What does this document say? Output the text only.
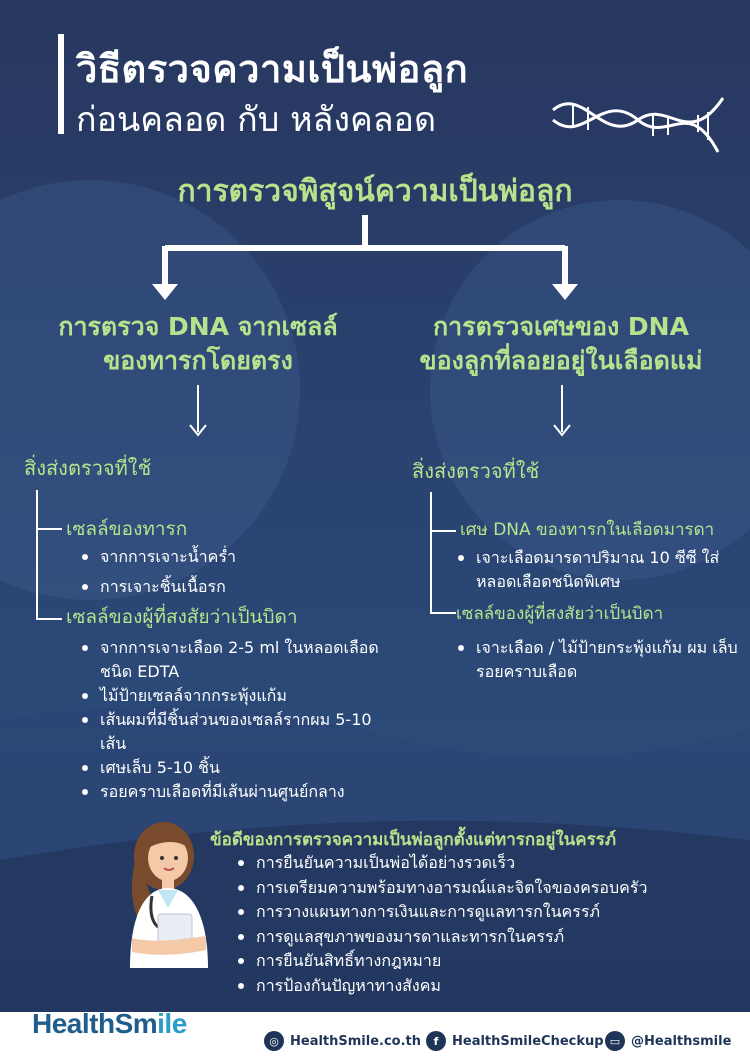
วิธีตรวจความเป็นพ่อลูก
ก่อนคลอด กับ หลังคลอด
การตรวจพิสูจน์ความเป็นพ่อลูก
การตรวจ DNA จากเซลล์
ของทารกโดยตรง
การตรวจเศษของ DNA
ของลูกที่ลอยอยู่ในเลือดแม่
สิ่งส่งตรวจที่ใช้
เซลล์ของทารก
จากการเจาะน้ำคร่ำ
การเจาะชิ้นเนื้อรก
เซลล์ของผู้ที่สงสัยว่าเป็นบิดา
จากการเจาะเลือด 2-5 ml ในหลอดเลือดชนิด EDTA
ไม้ป้ายเซลล์จากกระพุ้งแก้ม
เส้นผมที่มีชิ้นส่วนของเซลล์รากผม 5-10 เส้น
เศษเล็บ 5-10 ชิ้น
รอยคราบเลือดที่มีเส้นผ่านศูนย์กลาง
สิ่งส่งตรวจที่ใช้
เศษ DNA ของทารกในเลือดมารดา
เจาะเลือดมารดาปริมาณ 10 ซีซี ใส่หลอดเลือดชนิดพิเศษ
เซลล์ของผู้ที่สงสัยว่าเป็นบิดา
เจาะเลือด / ไม้ป้ายกระพุ้งแก้ม ผม เล็บ รอยคราบเลือด
ข้อดีของการตรวจความเป็นพ่อลูกตั้งแต่ทารกอยู่ในครรภ์
การยืนยันความเป็นพ่อได้อย่างรวดเร็ว
การเตรียมความพร้อมทางอารมณ์และจิตใจของครอบครัว
การวางแผนทางการเงินและการดูแลทารกในครรภ์
การดูแลสุขภาพของมารดาและทารกในครรภ์
การยืนยันสิทธิ์ทางกฎหมาย
การป้องกันปัญหาทางสังคม
HealthSmile
◎ HealthSmile.co.th	f	HealthSmileCheckup ▭ @Healthsmile
